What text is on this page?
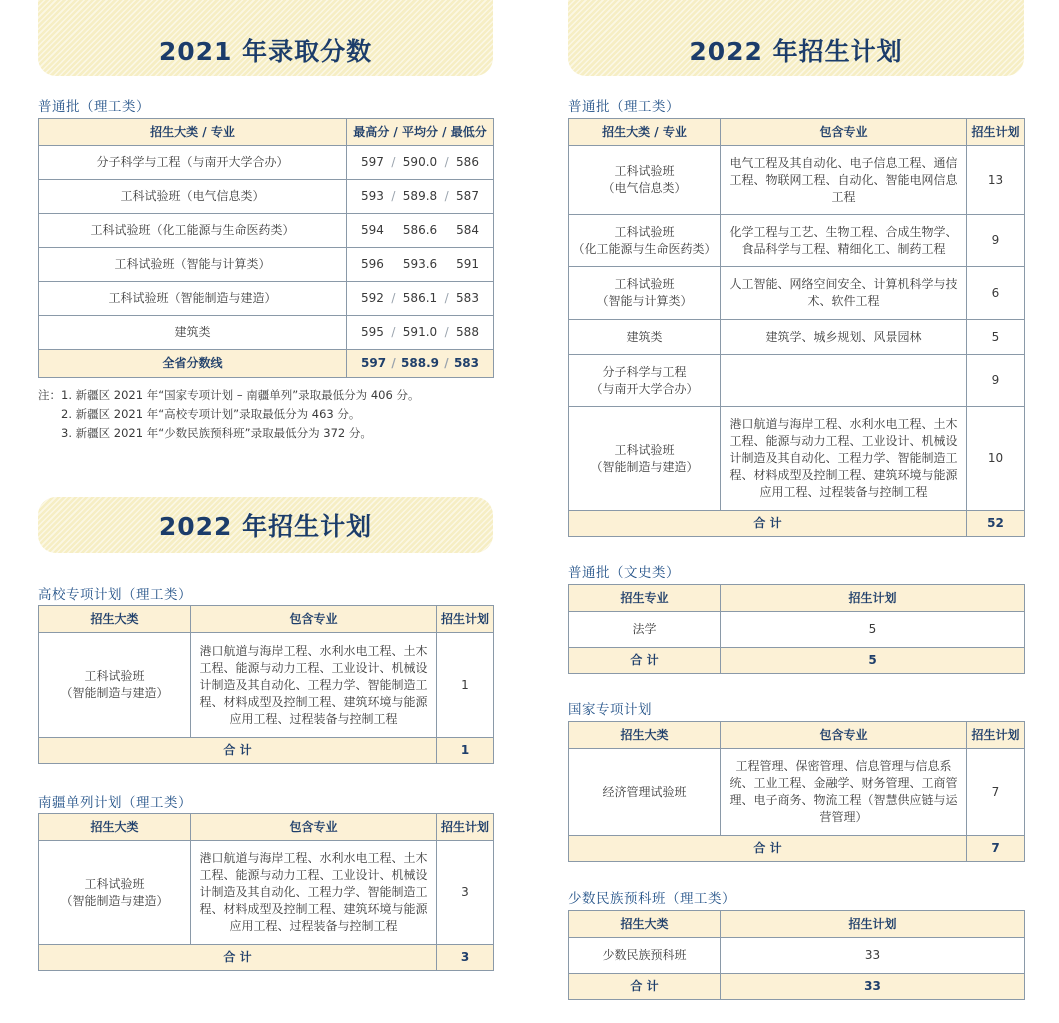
2021 年录取分数
普通批（理工类）
招生大类 / 专业	最高分 / 平均分 / 最低分
分子科学与工程（与南开大学合办）	597 / 590.0 / 586

工科试验班（电气信息类）	593 / 589.8 / 587

工科试验班（化工能源与生命医药类）	594 586.6 584

工科试验班（智能与计算类）	596 593.6 591

工科试验班（智能制造与建造）	592 / 586.1 / 583

建筑类	595 / 591.0 / 588

全省分数线	597 / 588.9 / 583
注：1. 新疆区 2021 年“国家专项计划 – 南疆单列”录取最低分为 406 分。
2. 新疆区 2021 年“高校专项计划”录取最低分为 463 分。
3. 新疆区 2021 年“少数民族预科班”录取最低分为 372 分。
2022 年招生计划
高校专项计划（理工类）
招生大类	包含专业	招生计划

工科试验班
（智能制造与建造）	港口航道与海岸工程、水利水电工程、土木工程、能源与动力工程、工业设计、机械设计制造及其自动化、工程力学、智能制造工程、材料成型及控制工程、建筑环境与能源应用工程、过程装备与控制工程	1
合 计		1
南疆单列计划（理工类）
招生大类	包含专业	招生计划

工科试验班
（智能制造与建造）	港口航道与海岸工程、水利水电工程、土木工程、能源与动力工程、工业设计、机械设计制造及其自动化、工程力学、智能制造工程、材料成型及控制工程、建筑环境与能源应用工程、过程装备与控制工程	3
合 计		3
2022 年招生计划
普通批（理工类）
招生大类 / 专业	包含专业	招生计划

工科试验班
（电气信息类）	电气工程及其自动化、电子信息工程、通信工程、物联网工程、自动化、智能电网信息工程	13

工科试验班
（化工能源与生命医药类）	化学工程与工艺、生物工程、合成生物学、食品科学与工程、精细化工、制药工程	9

工科试验班
（智能与计算类）	人工智能、网络空间安全、计算机科学与技术、软件工程	6

建筑类	建筑学、城乡规划、风景园林	5

分子科学与工程
（与南开大学合办）		9

工科试验班
（智能制造与建造）	港口航道与海岸工程、水利水电工程、土木工程、能源与动力工程、工业设计、机械设计制造及其自动化、工程力学、智能制造工程、材料成型及控制工程、建筑环境与能源应用工程、过程装备与控制工程	10
合 计		52
普通批（文史类）
招生专业	招生计划
法学	5
合 计	5
国家专项计划
招生大类	包含专业	招生计划
经济管理试验班	工程管理、保密管理、信息管理与信息系统、工业工程、金融学、财务管理、工商管理、电子商务、物流工程（智慧供应链与运营管理）	7
合 计		7
少数民族预科班（理工类）
招生大类	招生计划
少数民族预科班	33
合 计	33
